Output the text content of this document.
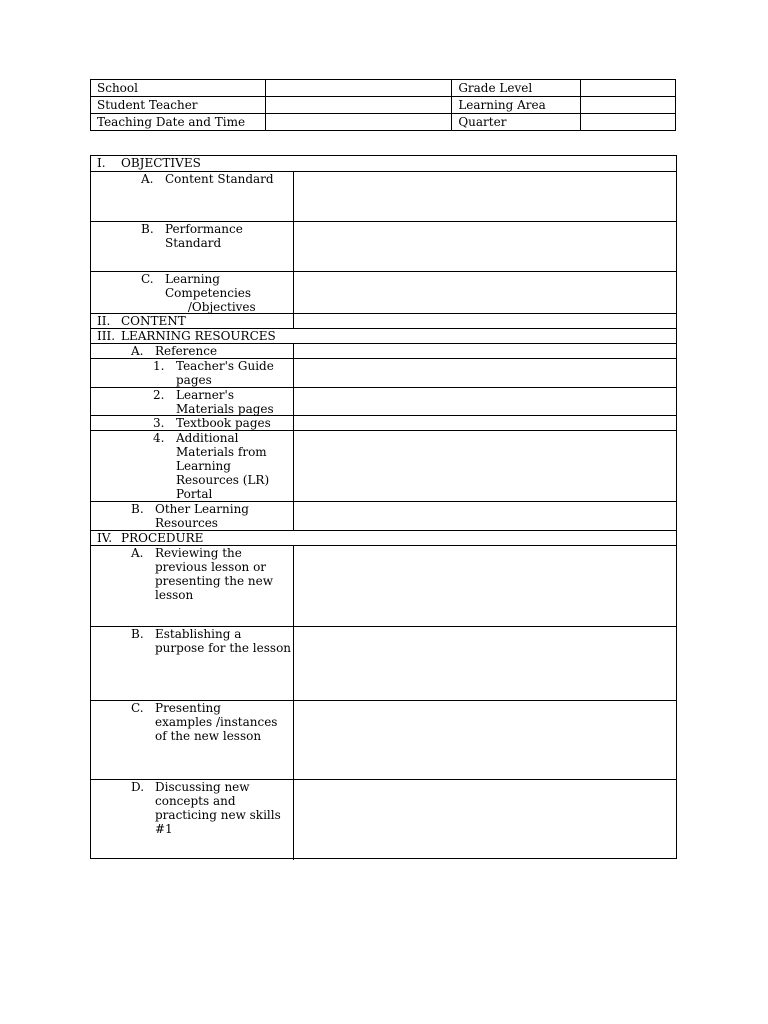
School		Grade Level	
Student Teacher		Learning Area	
Teaching Date and Time		Quarter	
I. OBJECTIVES
A. Content Standard
B. Performance
Standard
C. Learning
Competencies
/Objectives
II. CONTENT
III. LEARNING RESOURCES
A. Reference
1. Teacher's Guide
pages
2. Learner's
Materials pages
3. Textbook pages
4. Additional
Materials from
Learning
Resources (LR)
Portal
B. Other Learning
Resources
IV. PROCEDURE
A. Reviewing the
previous lesson or
presenting the new
lesson
B. Establishing a
purpose for the lesson
C. Presenting
examples /instances
of the new lesson
D. Discussing new
concepts and
practicing new skills
#1
